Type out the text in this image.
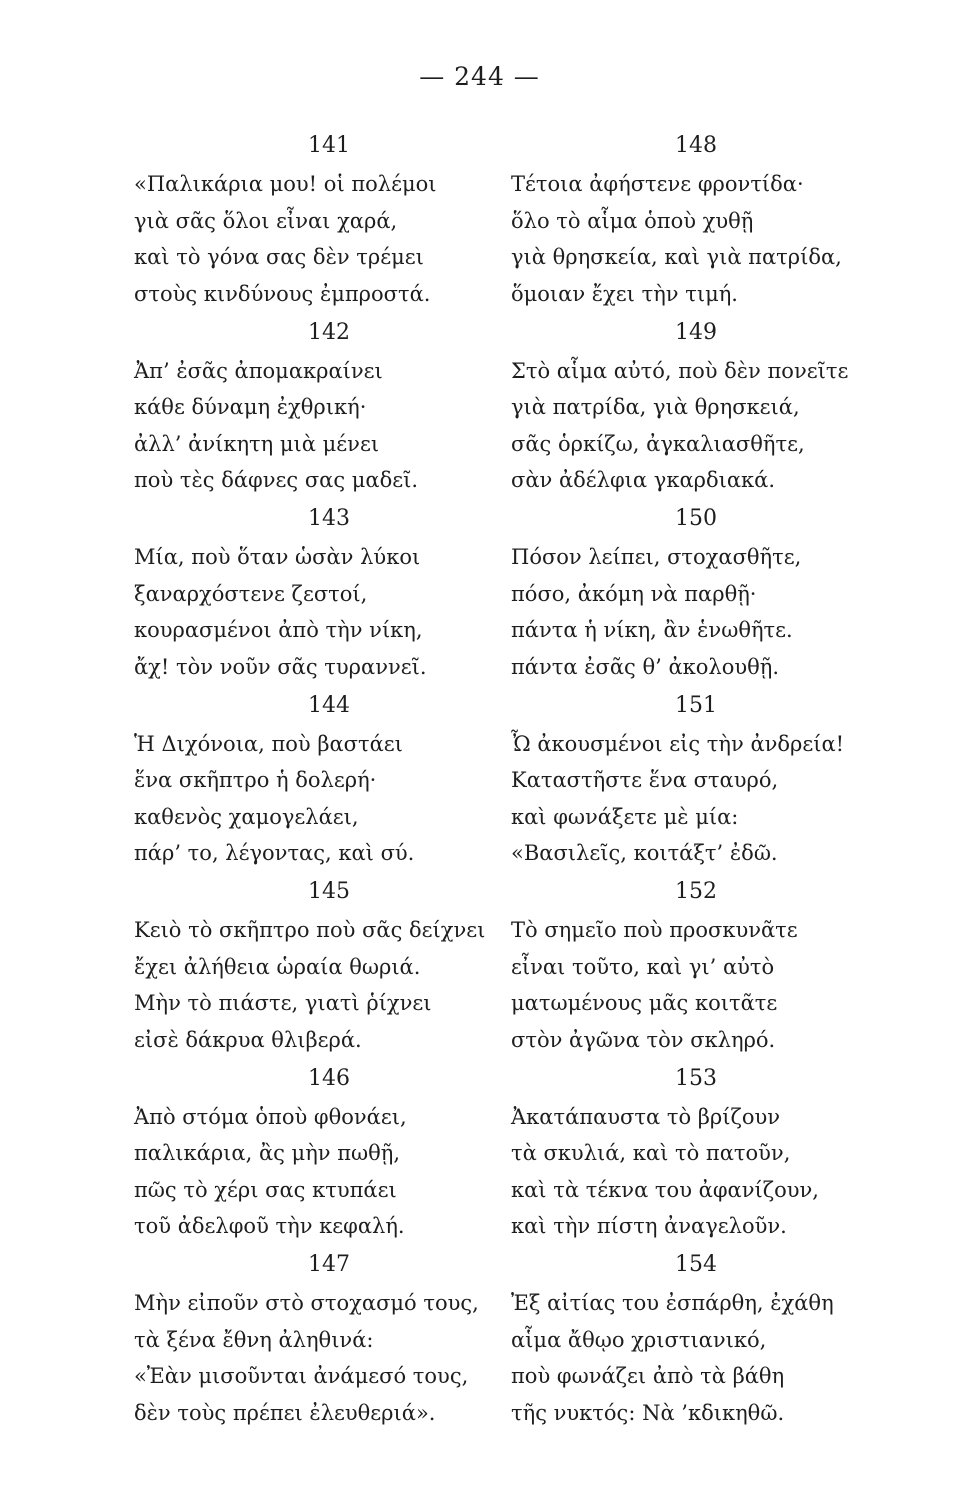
— 244 —
141
«Παλικάρια μου! οἱ πολέμοι
γιὰ σᾶς ὅλοι εἶναι χαρά,
καὶ τὸ γόνα σας δὲν τρέμει
στοὺς κινδύνους ἐμπροστά.
142
Ἀπ’ ἐσᾶς ἀπομακραίνει
κάθε δύναμη ἐχθρική·
ἀλλ’ ἀνίκητη μιὰ μένει
ποὺ τὲς δάφνες σας μαδεῖ.
143
Μία, ποὺ ὅταν ὡσὰν λύκοι
ξαναρχόστενε ζεστοί,
κουρασμένοι ἀπὸ τὴν νίκη,
ἄχ! τὸν νοῦν σᾶς τυραννεῖ.
144
Ἡ Διχόνοια, ποὺ βαστάει
ἕνα σκῆπτρο ἡ δολερή·
καθενὸς χαμογελάει,
πάρ’ το, λέγοντας, καὶ σύ.
145
Κειὸ τὸ σκῆπτρο ποὺ σᾶς δείχνει
ἔχει ἀλήθεια ὡραία θωριά.
Μὴν τὸ πιάστε, γιατὶ ῥίχνει
εἰσὲ δάκρυα θλιβερά.
146
Ἀπὸ στόμα ὁποὺ φθονάει,
παλικάρια, ἂς μὴν πωθῇ,
πῶς τὸ χέρι σας κτυπάει
τοῦ ἀδελφοῦ τὴν κεφαλή.
147
Μὴν εἰποῦν στὸ στοχασμό τους,
τὰ ξένα ἔθνη ἀληθινά:
«Ἐὰν μισοῦνται ἀνάμεσό τους,
δὲν τοὺς πρέπει ἐλευθεριά».
148
Τέτοια ἀφήστενε φροντίδα·
ὅλο τὸ αἷμα ὁποὺ χυθῇ
γιὰ θρησκεία, καὶ γιὰ πατρίδα,
ὅμοιαν ἔχει τὴν τιμή.
149
Στὸ αἷμα αὐτό, ποὺ δὲν πονεῖτε
γιὰ πατρίδα, γιὰ θρησκειά,
σᾶς ὁρκίζω, ἀγκαλιασθῆτε,
σὰν ἀδέλφια γκαρδιακά.
150
Πόσον λείπει, στοχασθῆτε,
πόσο, ἀκόμη νὰ παρθῇ·
πάντα ἡ νίκη, ἂν ἑνωθῆτε.
πάντα ἐσᾶς θ’ ἀκολουθῇ.
151
Ὦ ἀκουσμένοι εἰς τὴν ἀνδρεία!
Καταστῆστε ἕνα σταυρό,
καὶ φωνάξετε μὲ μία:
«Βασιλεῖς, κοιτάξτ’ ἐδῶ.
152
Τὸ σημεῖο ποὺ προσκυνᾶτε
εἶναι τοῦτο, καὶ γι’ αὐτὸ
ματωμένους μᾶς κοιτᾶτε
στὸν ἀγῶνα τὸν σκληρό.
153
Ἀκατάπαυστα τὸ βρίζουν
τὰ σκυλιά, καὶ τὸ πατοῦν,
καὶ τὰ τέκνα του ἀφανίζουν,
καὶ τὴν πίστη ἀναγελοῦν.
154
Ἐξ αἰτίας του ἐσπάρθη, ἐχάθη
αἷμα ἄθῳο χριστιανικό,
ποὺ φωνάζει ἀπὸ τὰ βάθη
τῆς νυκτός: Νὰ ’κδικηθῶ.
